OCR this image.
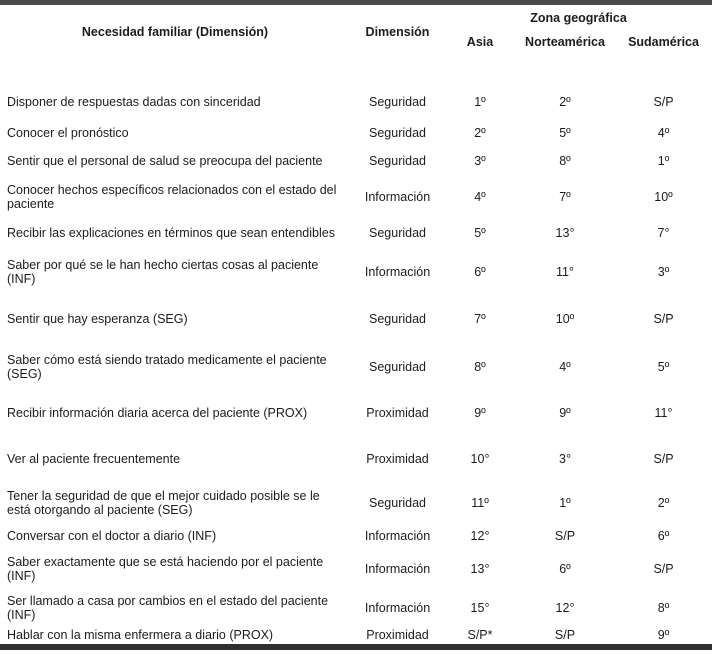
Necesidad familiar (Dimensión)	Dimensión	Zona geográfica		
		Asia	Norteamérica	Sudamérica
Disponer de respuestas dadas con sinceridad	Seguridad	1º	2º	S/P
Conocer el pronóstico	Seguridad	2º	5º	4º
Sentir que el personal de salud se preocupa del paciente	Seguridad	3º	8º	1º
Conocer hechos específicos relacionados con el estado del paciente	Información	4º	7º	10º
Recibir las explicaciones en términos que sean entendibles	Seguridad	5º	13°	7°
Saber por qué se le han hecho ciertas cosas al paciente (INF)	Información	6º	11°	3º
Sentir que hay esperanza (SEG)	Seguridad	7º	10º	S/P
Saber cómo está siendo tratado medicamente el paciente (SEG)	Seguridad	8º	4º	5º
Recibir información diaria acerca del paciente (PROX)	Proximidad	9º	9º	11°
Ver al paciente frecuentemente	Proximidad	10°	3°	S/P
Tener la seguridad de que el mejor cuidado posible se le está otorgando al paciente (SEG)	Seguridad	11º	1º	2º
Conversar con el doctor a diario (INF)	Información	12°	S/P	6º
Saber exactamente que se está haciendo por el paciente (INF)	Información	13°	6º	S/P
Ser llamado a casa por cambios en el estado del paciente (INF)	Información	15°	12°	8º
Hablar con la misma enfermera a diario (PROX)	Proximidad	S/P*	S/P	9º
